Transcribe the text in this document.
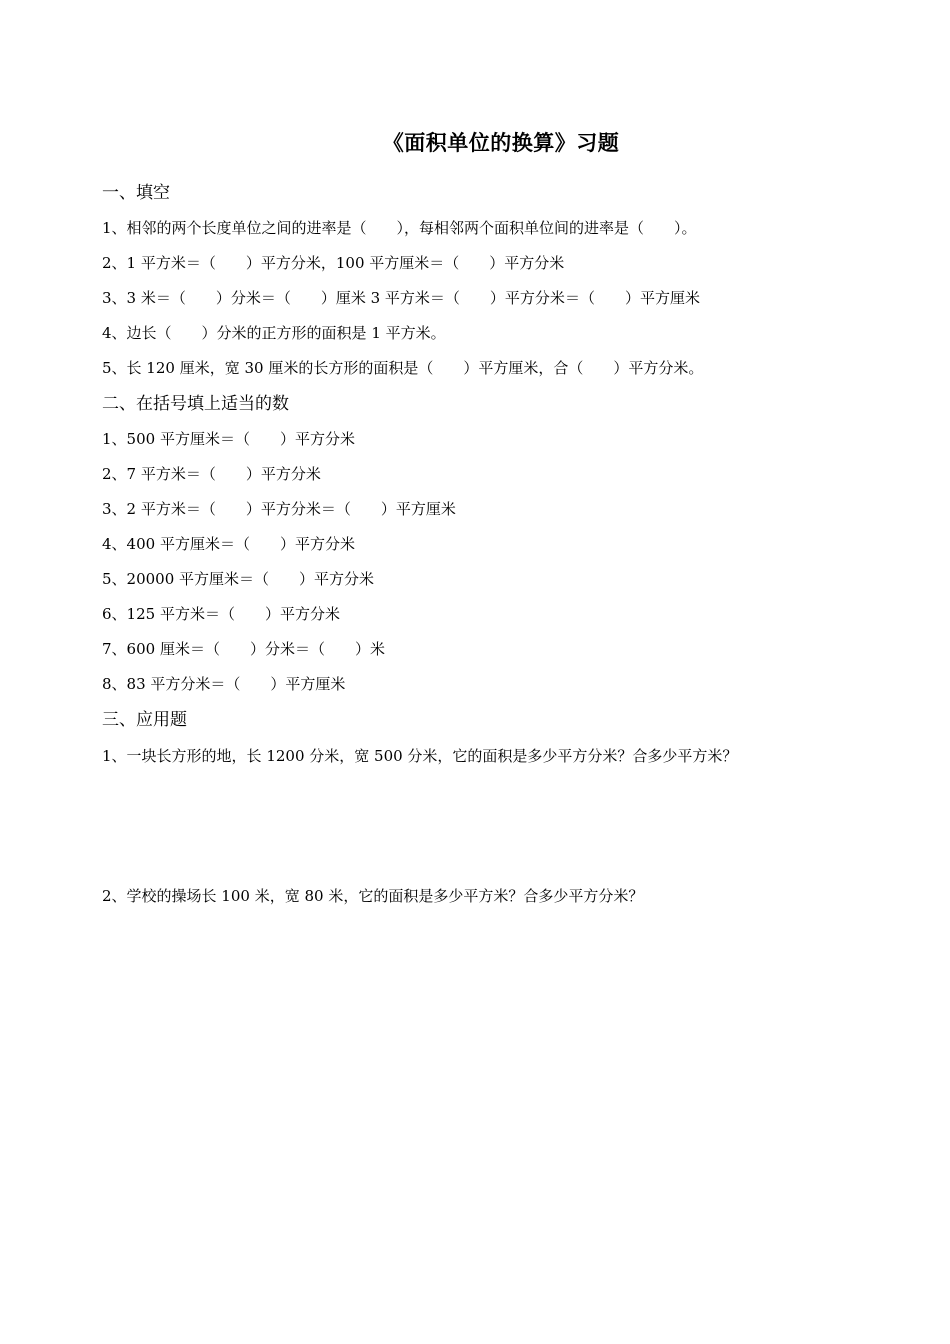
《面积单位的换算》习题

一、填空

1、相邻的两个长度单位之间的进率是（　　），每相邻两个面积单位间的进率是（　　）。

2、1 平方米＝（　　）平方分米，100 平方厘米＝（　　）平方分米

3、3 米＝（　　）分米＝（　　）厘米 3 平方米＝（　　）平方分米＝（　　）平方厘米

4、边长（　　）分米的正方形的面积是 1 平方米。

5、长 120 厘米，宽 30 厘米的长方形的面积是（　　）平方厘米，合（　　）平方分米。

二、在括号填上适当的数

1、500 平方厘米＝（　　）平方分米

2、7 平方米＝（　　）平方分米

3、2 平方米＝（　　）平方分米＝（　　）平方厘米

4、400 平方厘米＝（　　）平方分米

5、20000 平方厘米＝（　　）平方分米

6、125 平方米＝（　　）平方分米

7、600 厘米＝（　　）分米＝（　　）米

8、83 平方分米＝（　　）平方厘米

三、应用题

1、一块长方形的地，长 1200 分米，宽 500 分米，它的面积是多少平方分米？合多少平方米？

2、学校的操场长 100 米，宽 80 米，它的面积是多少平方米？合多少平方分米？
